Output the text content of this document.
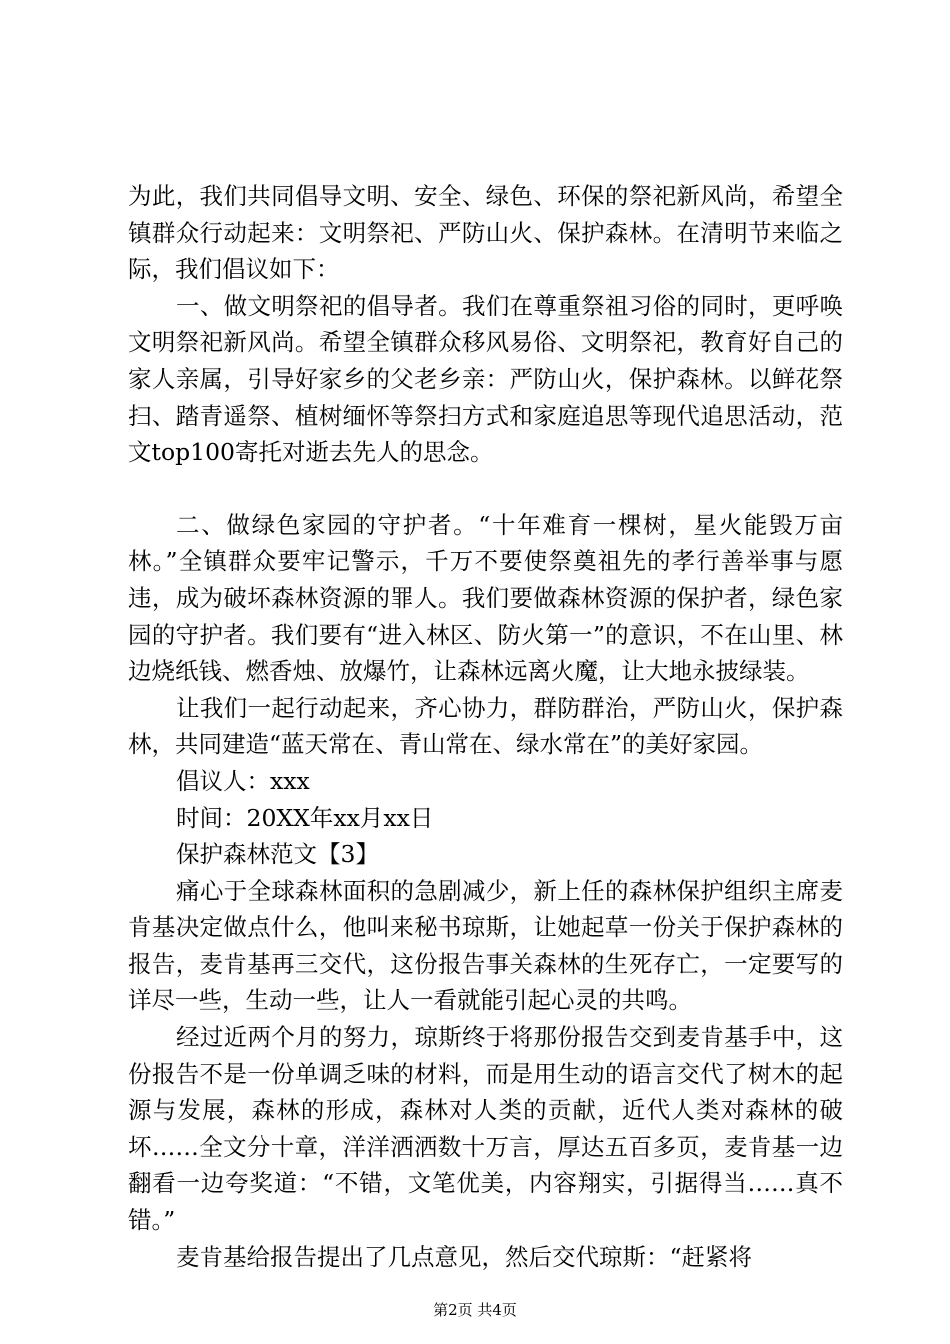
为此，我们共同倡导文明、安全、绿色、环保的祭祀新风尚，希望全镇群众行动起来：文明祭祀、严防山火、保护森林。在清明节来临之际，我们倡议如下：

一、做文明祭祀的倡导者。我们在尊重祭祖习俗的同时，更呼唤文明祭祀新风尚。希望全镇群众移风易俗、文明祭祀，教育好自己的家人亲属，引导好家乡的父老乡亲：严防山火，保护森林。以鲜花祭扫、踏青遥祭、植树缅怀等祭扫方式和家庭追思等现代追思活动，范文top100寄托对逝去先人的思念。

二、做绿色家园的守护者。“十年难育一棵树，星火能毁万亩林。”全镇群众要牢记警示，千万不要使祭奠祖先的孝行善举事与愿违，成为破坏森林资源的罪人。我们要做森林资源的保护者，绿色家园的守护者。我们要有“进入林区、防火第一”的意识，不在山里、林边烧纸钱、燃香烛、放爆竹，让森林远离火魔，让大地永披绿装。

让我们一起行动起来，齐心协力，群防群治，严防山火，保护森林，共同建造“蓝天常在、青山常在、绿水常在”的美好家园。

倡议人：xxx

时间：20XX年xx月xx日

保护森林范文【3】

痛心于全球森林面积的急剧减少，新上任的森林保护组织主席麦肯基决定做点什么，他叫来秘书琼斯，让她起草一份关于保护森林的报告，麦肯基再三交代，这份报告事关森林的生死存亡，一定要写的详尽一些，生动一些，让人一看就能引起心灵的共鸣。

经过近两个月的努力，琼斯终于将那份报告交到麦肯基手中，这份报告不是一份单调乏味的材料，而是用生动的语言交代了树木的起源与发展，森林的形成，森林对人类的贡献，近代人类对森林的破坏……全文分十章，洋洋洒洒数十万言，厚达五百多页，麦肯基一边翻看一边夸奖道：“不错，文笔优美，内容翔实，引据得当……真不错。”

麦肯基给报告提出了几点意见，然后交代琼斯：“赶紧将

第2页 共4页
